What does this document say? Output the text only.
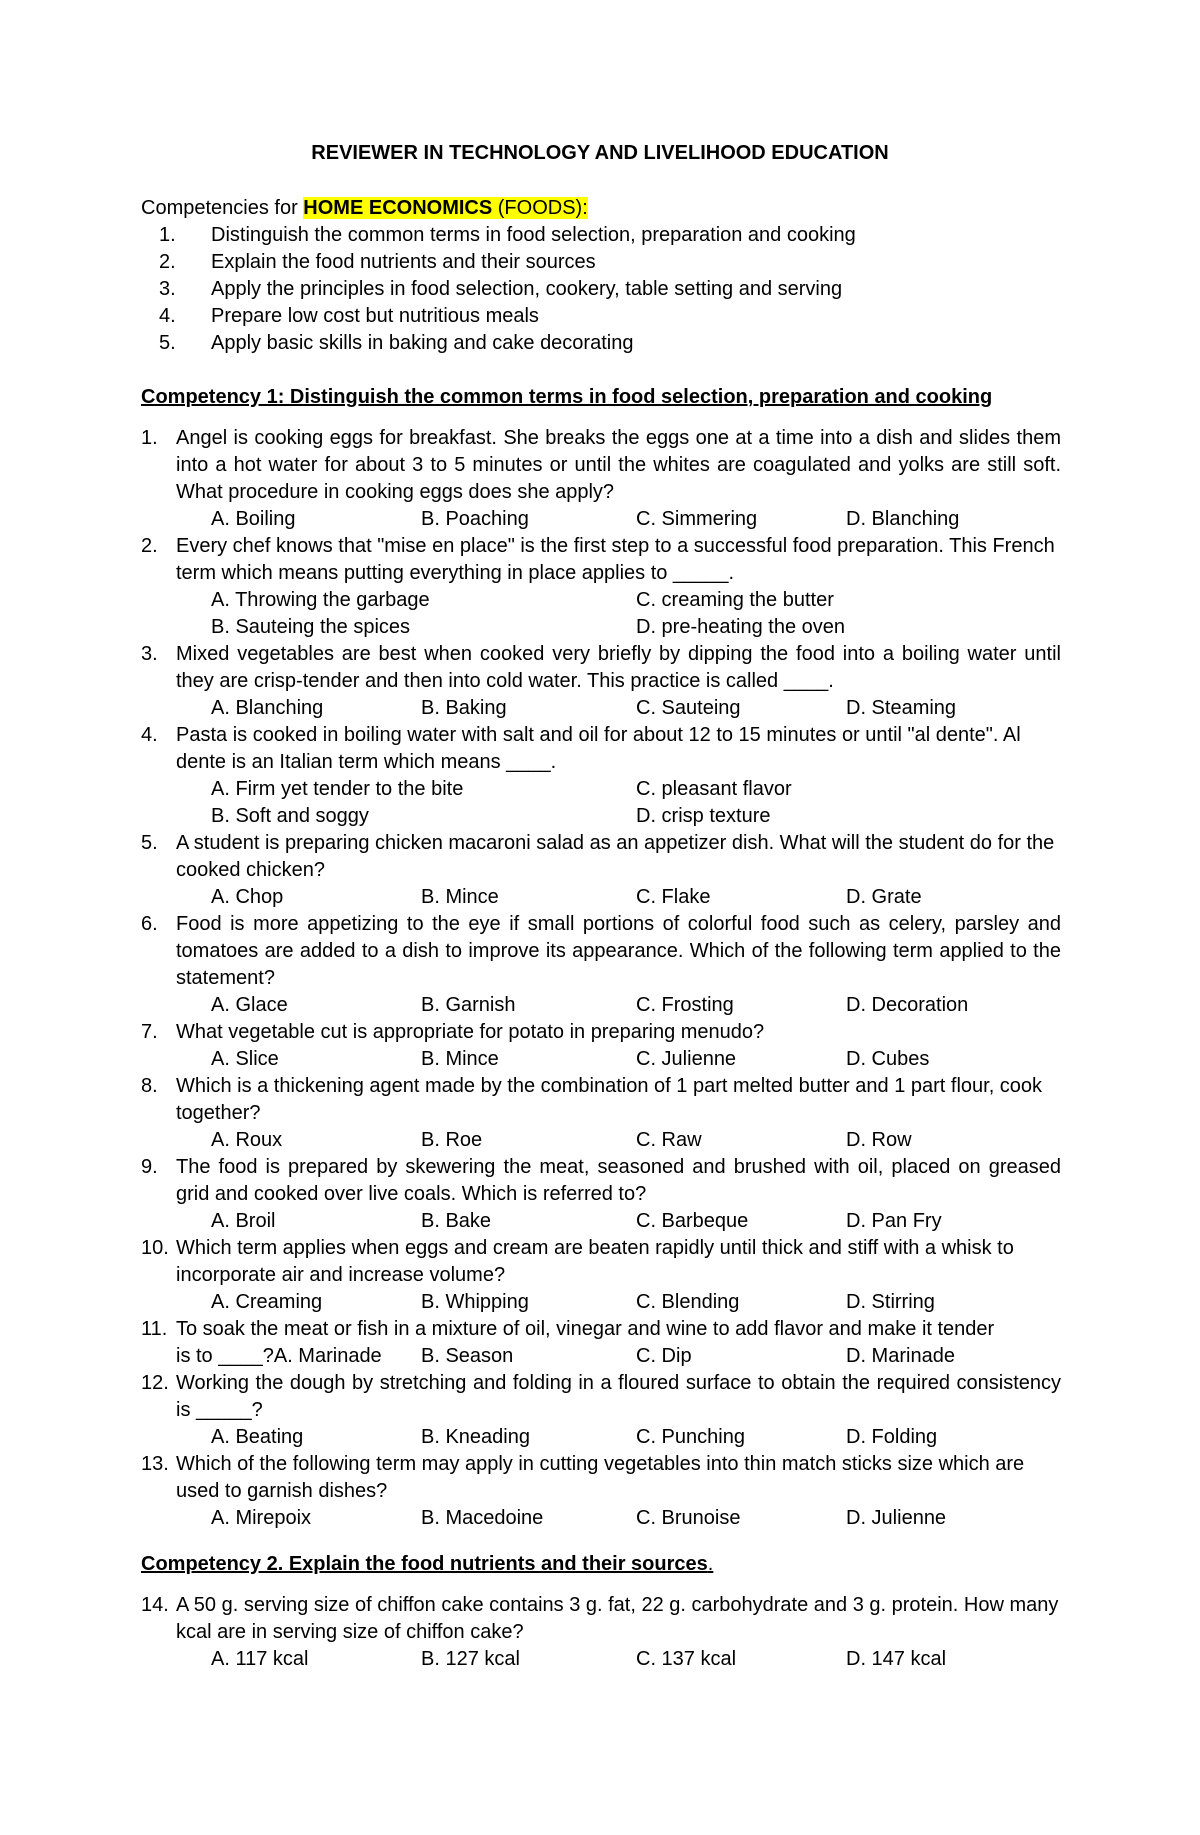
REVIEWER IN TECHNOLOGY AND LIVELIHOOD EDUCATION
Competencies for HOME ECONOMICS (FOODS):
1. Distinguish the common terms in food selection, preparation and cooking
2. Explain the food nutrients and their sources
3. Apply the principles in food selection, cookery, table setting and serving
4. Prepare low cost but nutritious meals
5. Apply basic skills in baking and cake decorating
Competency 1: Distinguish the common terms in food selection, preparation and cooking
1. Angel is cooking eggs for breakfast. She breaks the eggs one at a time into a dish and slides them into a hot water for about 3 to 5 minutes or until the whites are coagulated and yolks are still soft. What procedure in cooking eggs does she apply?
A. Boiling	B. Poaching	C. Simmering	D. Blanching
2. Every chef knows that "mise en place" is the first step to a successful food preparation. This French term which means putting everything in place applies to _____.
A. Throwing the garbage	C. creaming the butter
B. Sauteing the spices	D. pre-heating the oven
3. Mixed vegetables are best when cooked very briefly by dipping the food into a boiling water until they are crisp-tender and then into cold water. This practice is called ____.
A. Blanching	B. Baking	C. Sauteing	D. Steaming
4. Pasta is cooked in boiling water with salt and oil for about 12 to 15 minutes or until "al dente". Al dente is an Italian term which means ____.
A. Firm yet tender to the bite	C. pleasant flavor
B. Soft and soggy	D. crisp texture
5. A student is preparing chicken macaroni salad as an appetizer dish. What will the student do for the cooked chicken?
A. Chop	B. Mince	C. Flake	D. Grate
6. Food is more appetizing to the eye if small portions of colorful food such as celery, parsley and tomatoes are added to a dish to improve its appearance. Which of the following term applied to the statement?
A. Glace	B. Garnish	C. Frosting	D. Decoration
7. What vegetable cut is appropriate for potato in preparing menudo?
A. Slice	B. Mince	C. Julienne	D. Cubes
8. Which is a thickening agent made by the combination of 1 part melted butter and 1 part flour, cook together?
A. Roux	B. Roe	C. Raw	D. Row
9. The food is prepared by skewering the meat, seasoned and brushed with oil, placed on greased grid and cooked over live coals. Which is referred to?
A. Broil	B. Bake	C. Barbeque	D. Pan Fry
10. Which term applies when eggs and cream are beaten rapidly until thick and stiff with a whisk to incorporate air and increase volume?
A. Creaming	B. Whipping	C. Blending	D. Stirring
11. To soak the meat or fish in a mixture of oil, vinegar and wine to add flavor and make it tender
is to ____?A. Marinade B. Season	C. Dip	D. Marinade
12. Working the dough by stretching and folding in a floured surface to obtain the required consistency is _____?
A. Beating	B. Kneading	C. Punching	D. Folding
13. Which of the following term may apply in cutting vegetables into thin match sticks size which are used to garnish dishes?
A. Mirepoix	B. Macedoine	C. Brunoise	D. Julienne
Competency 2. Explain the food nutrients and their sources.
14. A 50 g. serving size of chiffon cake contains 3 g. fat, 22 g. carbohydrate and 3 g. protein. How many kcal are in serving size of chiffon cake?
A. 117 kcal	B. 127 kcal	C. 137 kcal	D. 147 kcal
